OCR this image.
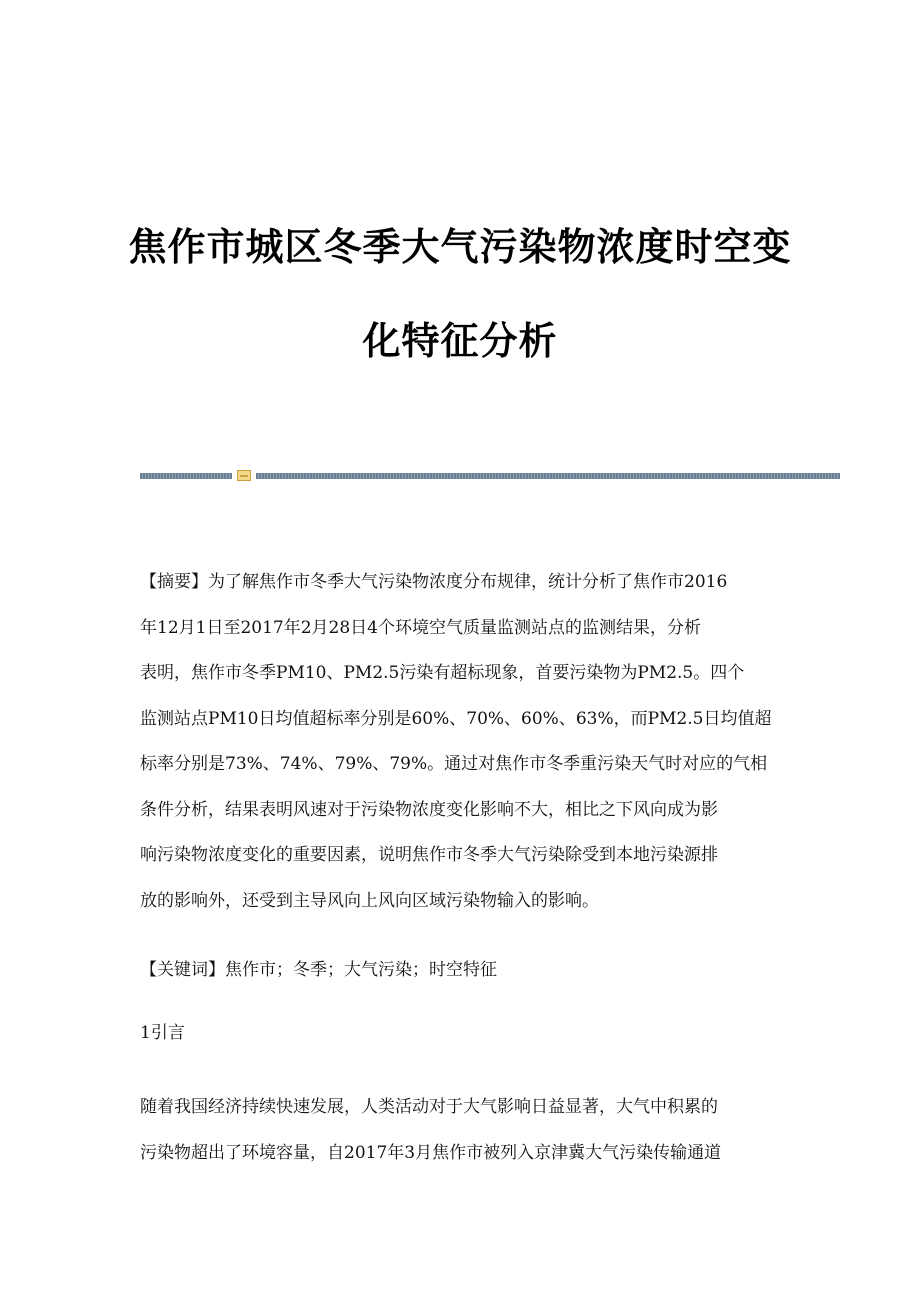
焦作市城区冬季大气污染物浓度时空变
化特征分析
【摘要】为了解焦作市冬季大气污染物浓度分布规律，统计分析了焦作市2016
年12月1日至2017年2月28日4个环境空气质量监测站点的监测结果，分析
表明，焦作市冬季PM10、PM2.5污染有超标现象，首要污染物为PM2.5。四个
监测站点PM10日均值超标率分别是60%、70%、60%、63%，而PM2.5日均值超
标率分别是73%、74%、79%、79%。通过对焦作市冬季重污染天气时对应的气相
条件分析，结果表明风速对于污染物浓度变化影响不大，相比之下风向成为影
响污染物浓度变化的重要因素，说明焦作市冬季大气污染除受到本地污染源排
放的影响外，还受到主导风向上风向区域污染物输入的影响。
【关键词】焦作市；冬季；大气污染；时空特征
1引言
随着我国经济持续快速发展，人类活动对于大气影响日益显著，大气中积累的
污染物超出了环境容量，自2017年3月焦作市被列入京津冀大气污染传输通道
